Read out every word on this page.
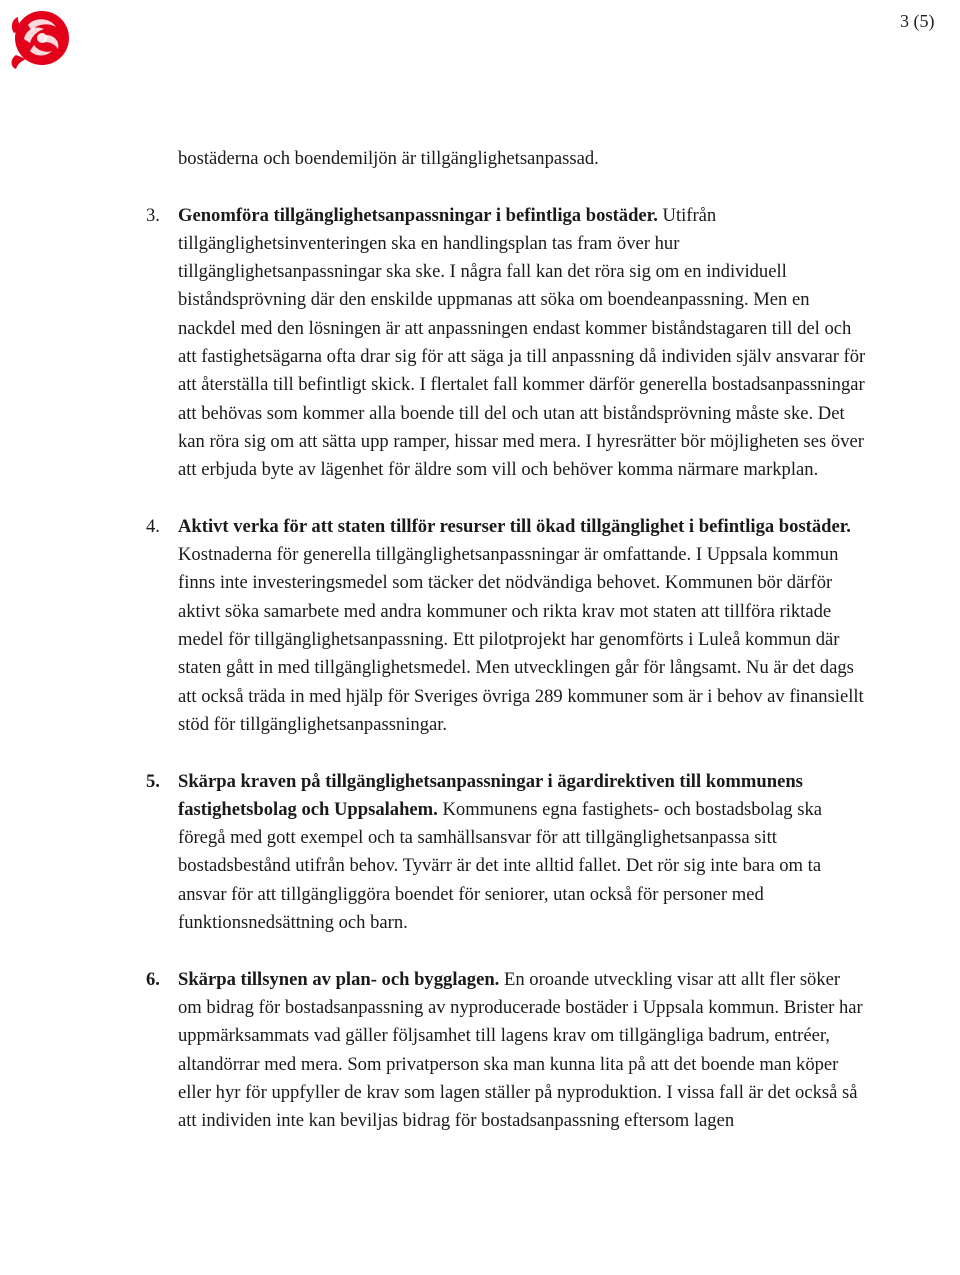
3 (5)

bostäderna och boendemiljön är tillgänglighetsanpassad.

3. Genomföra tillgänglighetsanpassningar i befintliga bostäder. Utifrån tillgänglighetsinventeringen ska en handlingsplan tas fram över hur tillgänglighetsanpassningar ska ske. I några fall kan det röra sig om en individuell biståndsprövning där den enskilde uppmanas att söka om boendeanpassning. Men en nackdel med den lösningen är att anpassningen endast kommer biståndstagaren till del och att fastighetsägarna ofta drar sig för att säga ja till anpassning då individen själv ansvarar för att återställa till befintligt skick. I flertalet fall kommer därför generella bostadsanpassningar att behövas som kommer alla boende till del och utan att biståndsprövning måste ske. Det kan röra sig om att sätta upp ramper, hissar med mera. I hyresrätter bör möjligheten ses över att erbjuda byte av lägenhet för äldre som vill och behöver komma närmare markplan.
4. Aktivt verka för att staten tillför resurser till ökad tillgänglighet i befintliga bostäder. Kostnaderna för generella tillgänglighetsanpassningar är omfattande. I Uppsala kommun finns inte investeringsmedel som täcker det nödvändiga behovet. Kommunen bör därför aktivt söka samarbete med andra kommuner och rikta krav mot staten att tillföra riktade medel för tillgänglighetsanpassning. Ett pilotprojekt har genomförts i Luleå kommun där staten gått in med tillgänglighetsmedel. Men utvecklingen går för långsamt. Nu är det dags att också träda in med hjälp för Sveriges övriga 289 kommuner som är i behov av finansiellt stöd för tillgänglighetsanpassningar.
5. Skärpa kraven på tillgänglighetsanpassningar i ägardirektiven till kommunens fastighetsbolag och Uppsalahem. Kommunens egna fastighets- och bostadsbolag ska föregå med gott exempel och ta samhällsansvar för att tillgänglighetsanpassa sitt bostadsbestånd utifrån behov. Tyvärr är det inte alltid fallet. Det rör sig inte bara om ta ansvar för att tillgängliggöra boendet för seniorer, utan också för personer med funktionsnedsättning och barn.
6. Skärpa tillsynen av plan- och bygglagen. En oroande utveckling visar att allt fler söker om bidrag för bostadsanpassning av nyproducerade bostäder i Uppsala kommun. Brister har uppmärksammats vad gäller följsamhet till lagens krav om tillgängliga badrum, entréer, altandörrar med mera. Som privatperson ska man kunna lita på att det boende man köper eller hyr för uppfyller de krav som lagen ställer på nyproduktion. I vissa fall är det också så att individen inte kan beviljas bidrag för bostadsanpassning eftersom lagen
